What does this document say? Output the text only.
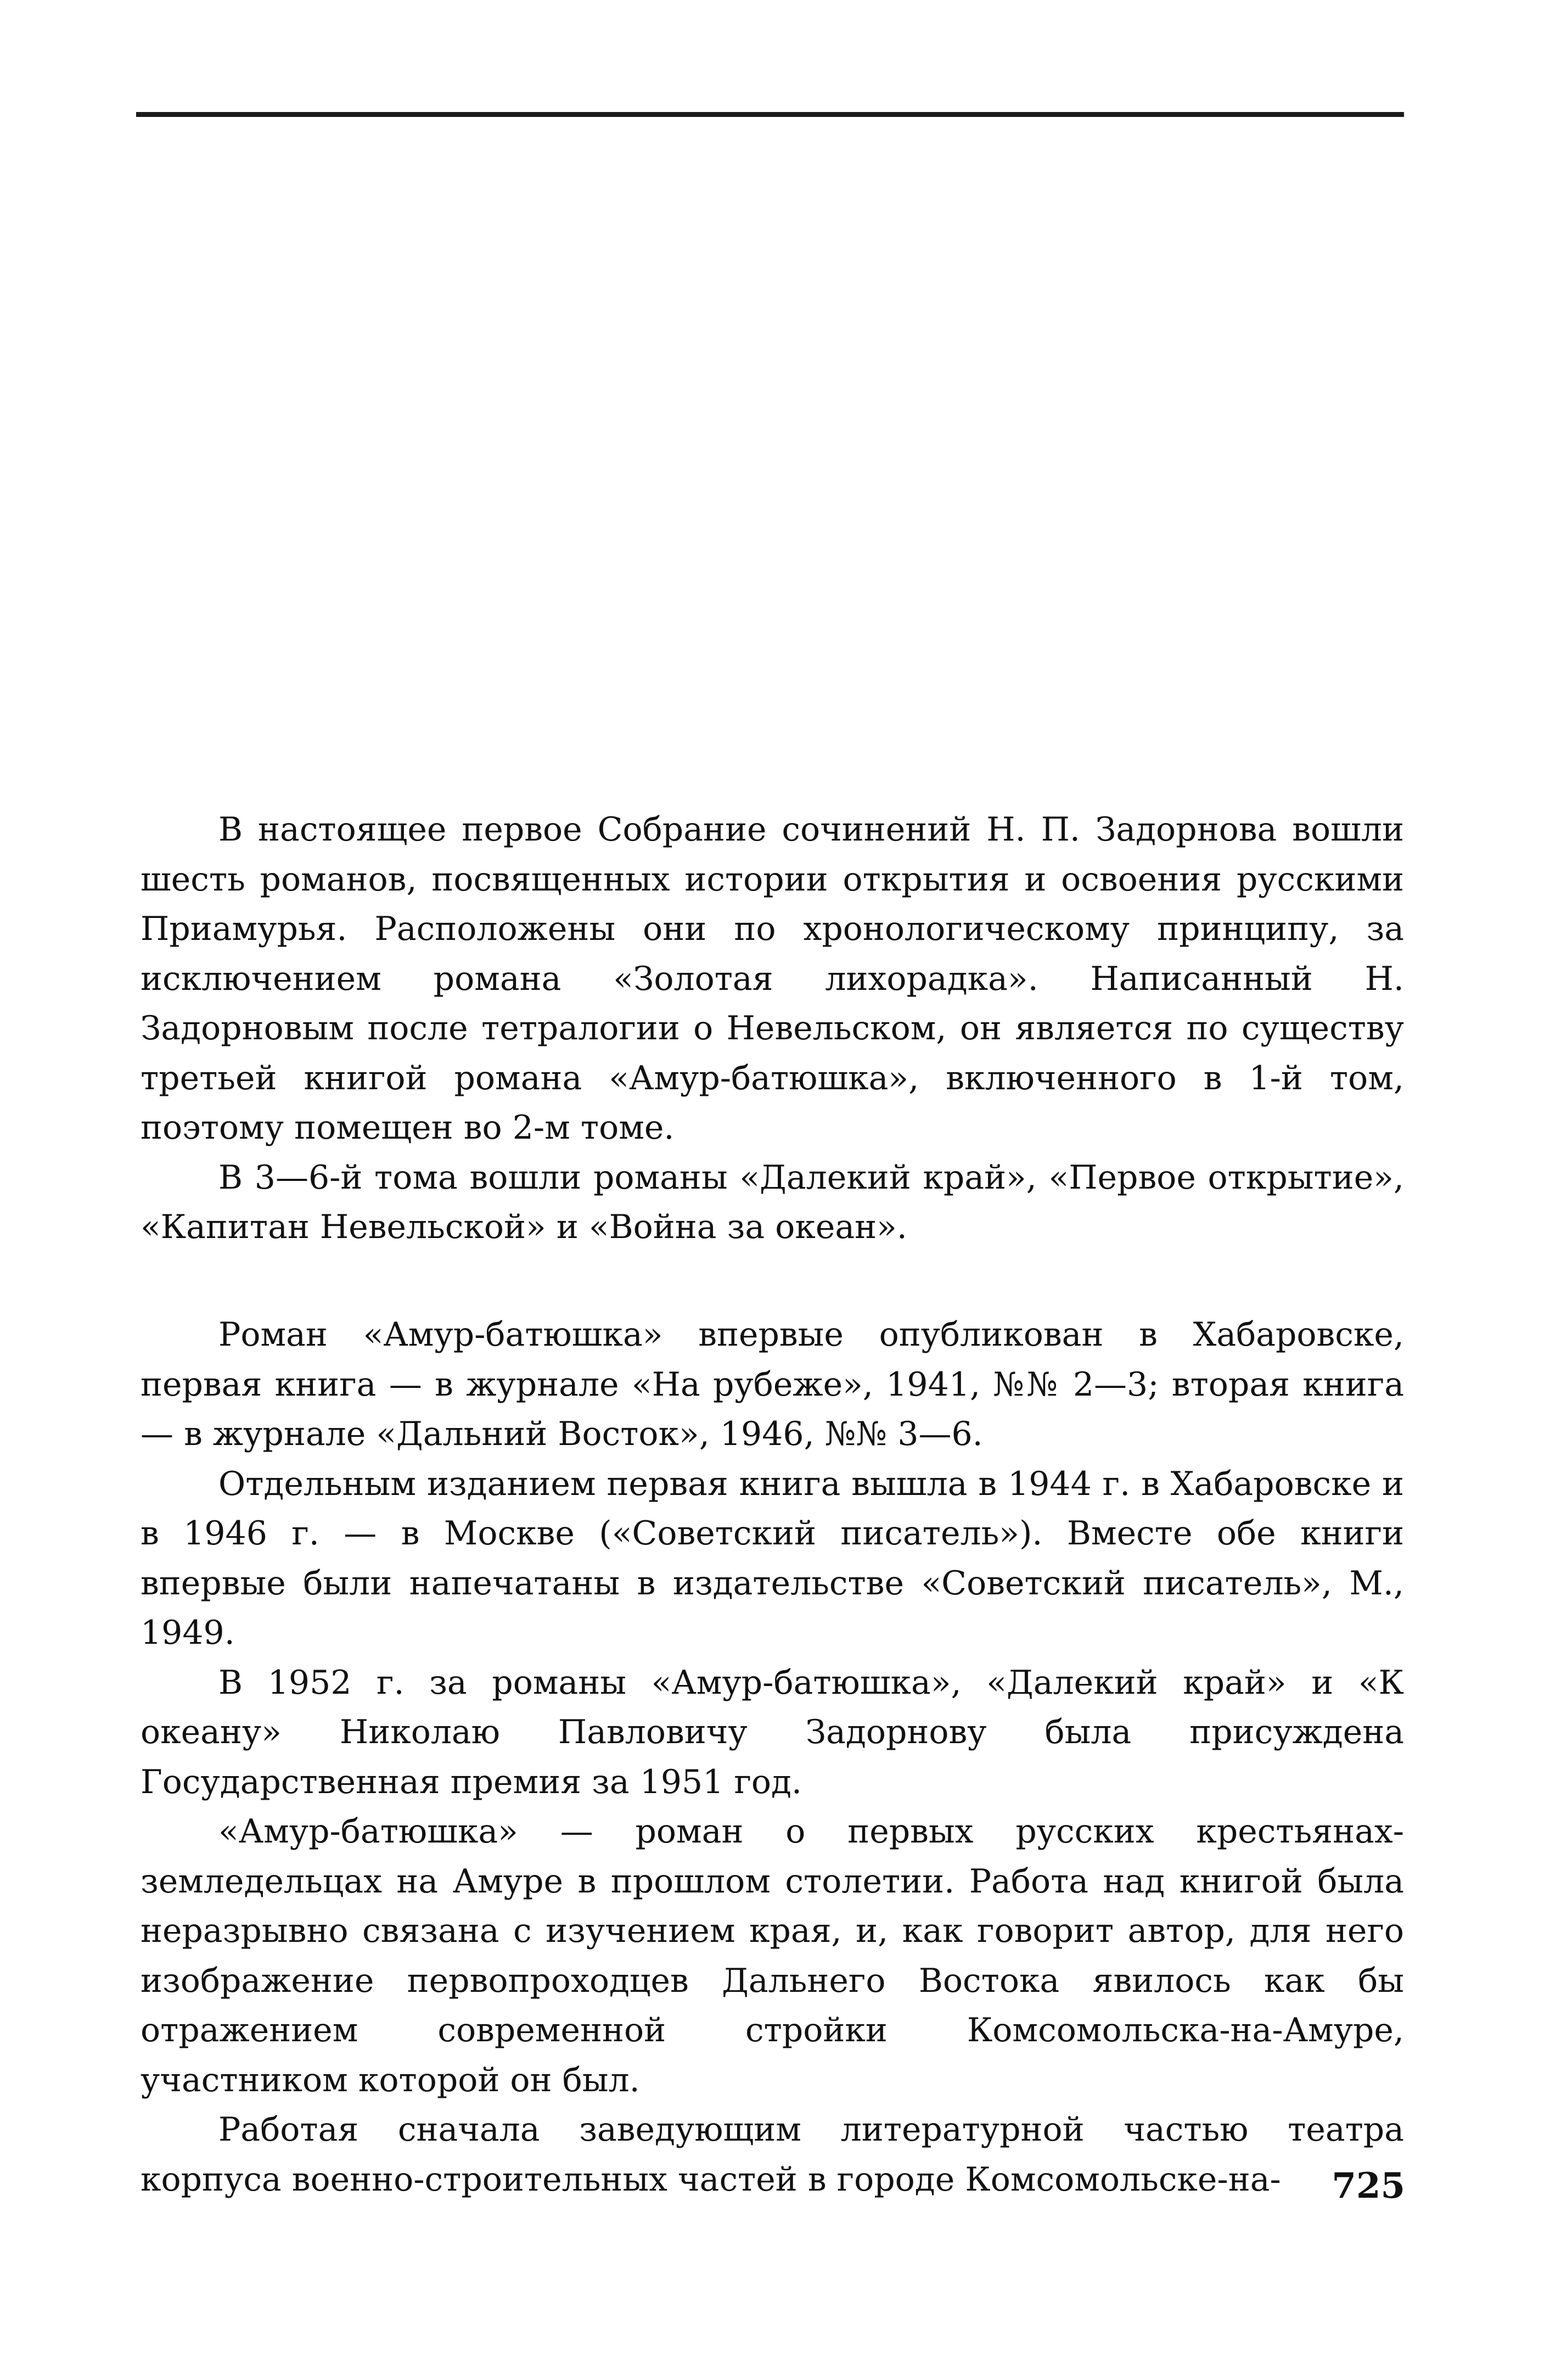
В настоящее первое Собрание сочинений Н. П. Задорнова вошли шесть романов, посвященных истории открытия и освоения русскими Приамурья. Расположены они по хронологическому принципу, за исключением романа «Золотая лихорадка». Написанный Н. Задорновым после тетралогии о Невельском, он является по существу третьей книгой романа «Амур-батюшка», включенного в 1-й том, поэтому помещен во 2-м томе.

В 3—6-й тома вошли романы «Далекий край», «Первое открытие», «Капитан Невельской» и «Война за океан».

Роман «Амур-батюшка» впервые опубликован в Хабаровске, первая книга — в журнале «На рубеже», 1941, №№ 2—3; вторая книга — в журнале «Дальний Восток», 1946, №№ 3—6.

Отдельным изданием первая книга вышла в 1944 г. в Хабаровске и в 1946 г. — в Москве («Советский писатель»). Вместе обе книги впервые были напечатаны в издательстве «Советский писатель», М., 1949.

В 1952 г. за романы «Амур-батюшка», «Далекий край» и «К океану» Николаю Павловичу Задорнову была присуждена Государственная премия за 1951 год.

«Амур-батюшка» — роман о первых русских крестьянах-земледельцах на Амуре в прошлом столетии. Работа над книгой была неразрывно связана с изучением края, и, как говорит автор, для него изображение первопроходцев Дальнего Востока явилось как бы отражением современной стройки Комсомольска-на-Амуре, участником которой он был.

Работая сначала заведующим литературной частью театра корпуса военно-строительных частей в городе Комсомольске-на-	725
